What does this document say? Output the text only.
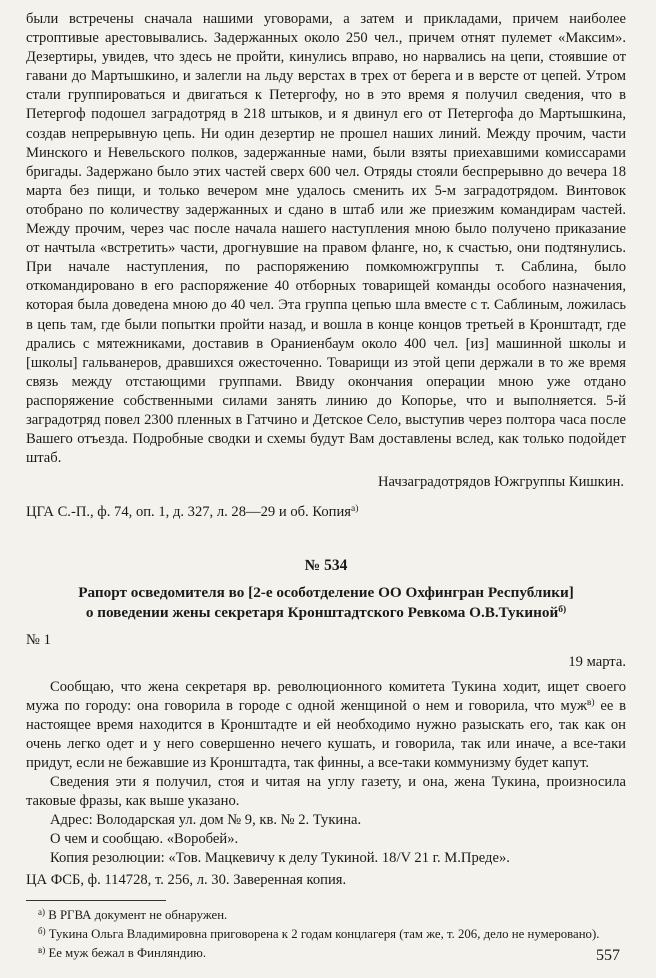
были встречены сначала нашими уговорами, а затем и прикладами, причем наиболее строптивые арестовывались. Задержанных около 250 чел., причем отнят пулемет «Максим». Дезертиры, увидев, что здесь не пройти, кинулись вправо, но нарвались на цепи, стоявшие от гавани до Мартышкино, и залегли на льду верстах в трех от берега и в версте от цепей. Утром стали группироваться и двигаться к Петергофу, но в это время я получил сведения, что в Петергоф подошел заградотряд в 218 штыков, и я двинул его от Петергофа до Мартышкина, создав непрерывную цепь. Ни один дезертир не прошел наших линий. Между прочим, части Минского и Невельского полков, задержанные нами, были взяты приехавшими комиссарами бригады. Задержано было этих частей сверх 600 чел. Отряды стояли беспрерывно до вечера 18 марта без пищи, и только вечером мне удалось сменить их 5-м заградотрядом. Винтовок отобрано по количеству задержанных и сдано в штаб или же приезжим командирам частей. Между прочим, через час после начала нашего наступления мною было получено приказание от начтыла «встретить» части, дрогнувшие на правом фланге, но, к счастью, они подтянулись. При начале наступления, по распоряжению помкомюжгруппы т. Саблина, было откомандировано в его распоряжение 40 отборных товарищей команды особого назначения, которая была доведена мною до 40 чел. Эта группа цепью шла вместе с т. Саблиным, ложилась в цепь там, где были попытки пройти назад, и вошла в конце концов третьей в Кронштадт, где дрались с мятежниками, доставив в Ораниенбаум около 400 чел. [из] машинной школы и [школы] гальванеров, дравшихся ожесточенно. Товарищи из этой цепи держали в то же время связь между отстающими группами. Ввиду окончания операции мною уже отдано распоряжение собственными силами занять линию до Копорье, что и выполняется. 5-й заградотряд повел 2300 пленных в Гатчино и Детское Село, выступив через полтора часа после Вашего отъезда. Подробные сводки и схемы будут Вам доставлены вслед, как только подойдет штаб.

Начзаградотрядов Южгруппы Кишкин.

ЦГА С.-П., ф. 74, оп. 1, д. 327, л. 28—29 и об. Копия$^{а)}$

№ 534
Рапорт осведомителя во [2-е особотделение ОО Охфингран Республики]
о поведении жены секретаря Кронштадтского Ревкома О.В.Тукиной$^{б)}$
№ 1
19 марта.

Сообщаю, что жена секретаря вр. революционного комитета Тукина ходит, ищет своего мужа по городу: она говорила в городе с одной женщиной о нем и говорила, что муж$^{в)}$ ее в настоящее время находится в Кронштадте и ей необходимо нужно разыскать его, так как он очень легко одет и у него совершенно нечего кушать, и говорила, так или иначе, а все-таки придут, если не бежавшие из Кронштадта, так финны, а все-таки коммунизму будет капут.

Сведения эти я получил, стоя и читая на углу газету, и она, жена Тукина, произносила таковые фразы, как выше указано.

Адрес: Володарская ул. дом № 9, кв. № 2. Тукина.

О чем и сообщаю. «Воробей».

Копия резолюции: «Тов. Мацкевичу к делу Тукиной. 18/V 21 г. М.Преде».

ЦА ФСБ, ф. 114728, т. 256, л. 30. Заверенная копия.

$^{а)}$ В РГВА документ не обнаружен.

$^{б)}$ Тукина Ольга Владимировна приговорена к 2 годам концлагеря (там же, т. 206, дело не нумеровано).

$^{в)}$ Ее муж бежал в Финляндию.	557
